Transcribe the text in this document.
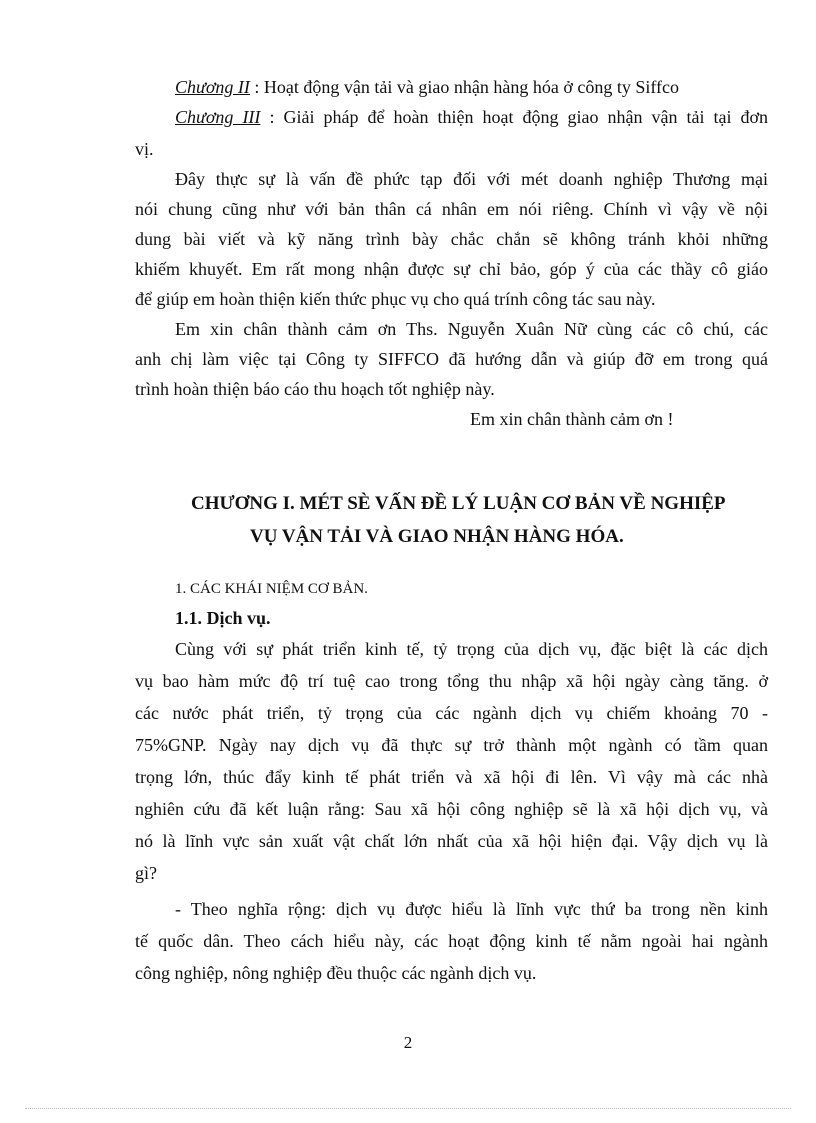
Chương II : Hoạt động vận tải và giao nhận hàng hóa ở công ty Siffco
Chương III : Giải pháp để hoàn thiện hoạt động giao nhận vận tải tại đơn
vị.
Đây thực sự là vấn đề phức tạp đối với mét doanh nghiệp Thương mại
nói chung cũng như với bản thân cá nhân em nói riêng. Chính vì vậy về nội
dung bài viết và kỹ năng trình bày chắc chắn sẽ không tránh khỏi những
khiếm khuyết. Em rất mong nhận được sự chỉ bảo, góp ý của các thầy cô giáo
để giúp em hoàn thiện kiến thức phục vụ cho quá trính công tác sau này.
Em xin chân thành cảm ơn Ths. Nguyễn Xuân Nữ cùng các cô chú, các
anh chị làm việc tại Công ty SIFFCO đã hướng dẫn và giúp đỡ em trong quá
trình hoàn thiện báo cáo thu hoạch tốt nghiệp này.
Em xin chân thành cảm ơn !
CHƯƠNG I. MÉT SÈ VẤN ĐỀ LÝ LUẬN CƠ BẢN VỀ NGHIỆP
VỤ VẬN TẢI VÀ GIAO NHẬN HÀNG HÓA.
1. CÁC KHÁI NIỆM CƠ BẢN.
1.1. Dịch vụ.
Cùng với sự phát triển kinh tế, tỷ trọng của dịch vụ, đặc biệt là các dịch
vụ bao hàm mức độ trí tuệ cao trong tổng thu nhập xã hội ngày càng tăng. ở
các nước phát triển, tỷ trọng của các ngành dịch vụ chiếm khoảng 70 -
75%GNP. Ngày nay dịch vụ đã thực sự trở thành một ngành có tầm quan
trọng lớn, thúc đẩy kinh tế phát triển và xã hội đi lên. Vì vậy mà các nhà
nghiên cứu đã kết luận rằng: Sau xã hội công nghiệp sẽ là xã hội dịch vụ, và
nó là lĩnh vực sản xuất vật chất lớn nhất của xã hội hiện đại. Vậy dịch vụ là
gì?
- Theo nghĩa rộng: dịch vụ được hiểu là lĩnh vực thứ ba trong nền kinh
tế quốc dân. Theo cách hiểu này, các hoạt động kinh tế nằm ngoài hai ngành
công nghiệp, nông nghiệp đều thuộc các ngành dịch vụ.
2
